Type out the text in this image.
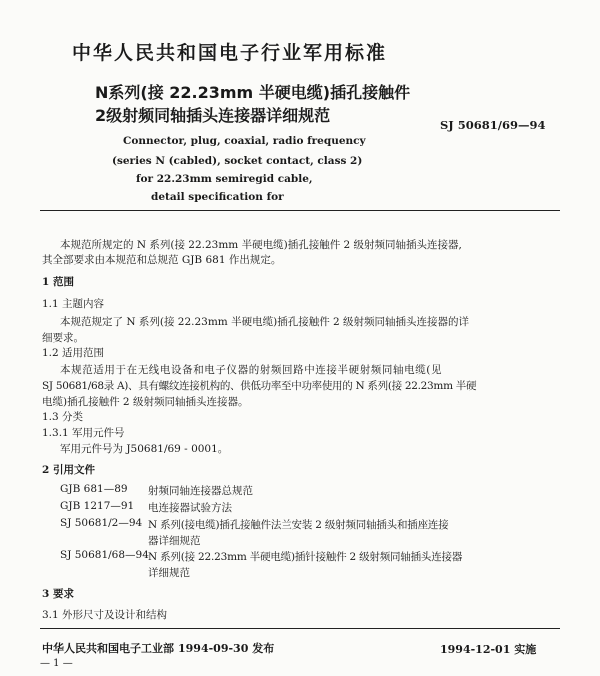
中华人民共和国电子行业军用标准
N系列(接 22.23mm 半硬电缆)插孔接触件
2级射频同轴插头连接器详细规范	SJ 50681/69—94
Connector, plug, coaxial, radio frequency
(series N (cabled), socket contact, class 2)
for 22.23mm semiregid cable,
detail specification for
本规范所规定的 N 系列(接 22.23mm 半硬电缆)插孔接触件 2 级射频同轴插头连接器,
其全部要求由本规范和总规范 GJB 681 作出规定。
1 范围
1.1 主题内容
本规范规定了 N 系列(接 22.23mm 半硬电缆)插孔接触件 2 级射频同轴插头连接器的详
细要求。
1.2 适用范围
本规范适用于在无线电设备和电子仪器的射频回路中连接半硬射频同轴电缆(见
SJ 50681/68录 A)、具有螺纹连接机构的、供低功率至中功率使用的 N 系列(接 22.23mm 半硬
电缆)插孔接触件 2 级射频同轴插头连接器。
1.3 分类
1.3.1 军用元件号
军用元件号为 J50681/69 - 0001。
2 引用文件
GJB 681—89 射频同轴连接器总规范
GJB 1217—91 电连接器试验方法
SJ 50681/2—94 N 系列(接电缆)插孔接触件法兰安装 2 级射频同轴插头和插座连接
器详细规范
SJ 50681/68—94 N 系列(接 22.23mm 半硬电缆)插针接触件 2 级射频同轴插头连接器
详细规范
3 要求
3.1 外形尺寸及设计和结构
中华人民共和国电子工业部 1994-09-30 发布	1994-12-01 实施
— 1 —
